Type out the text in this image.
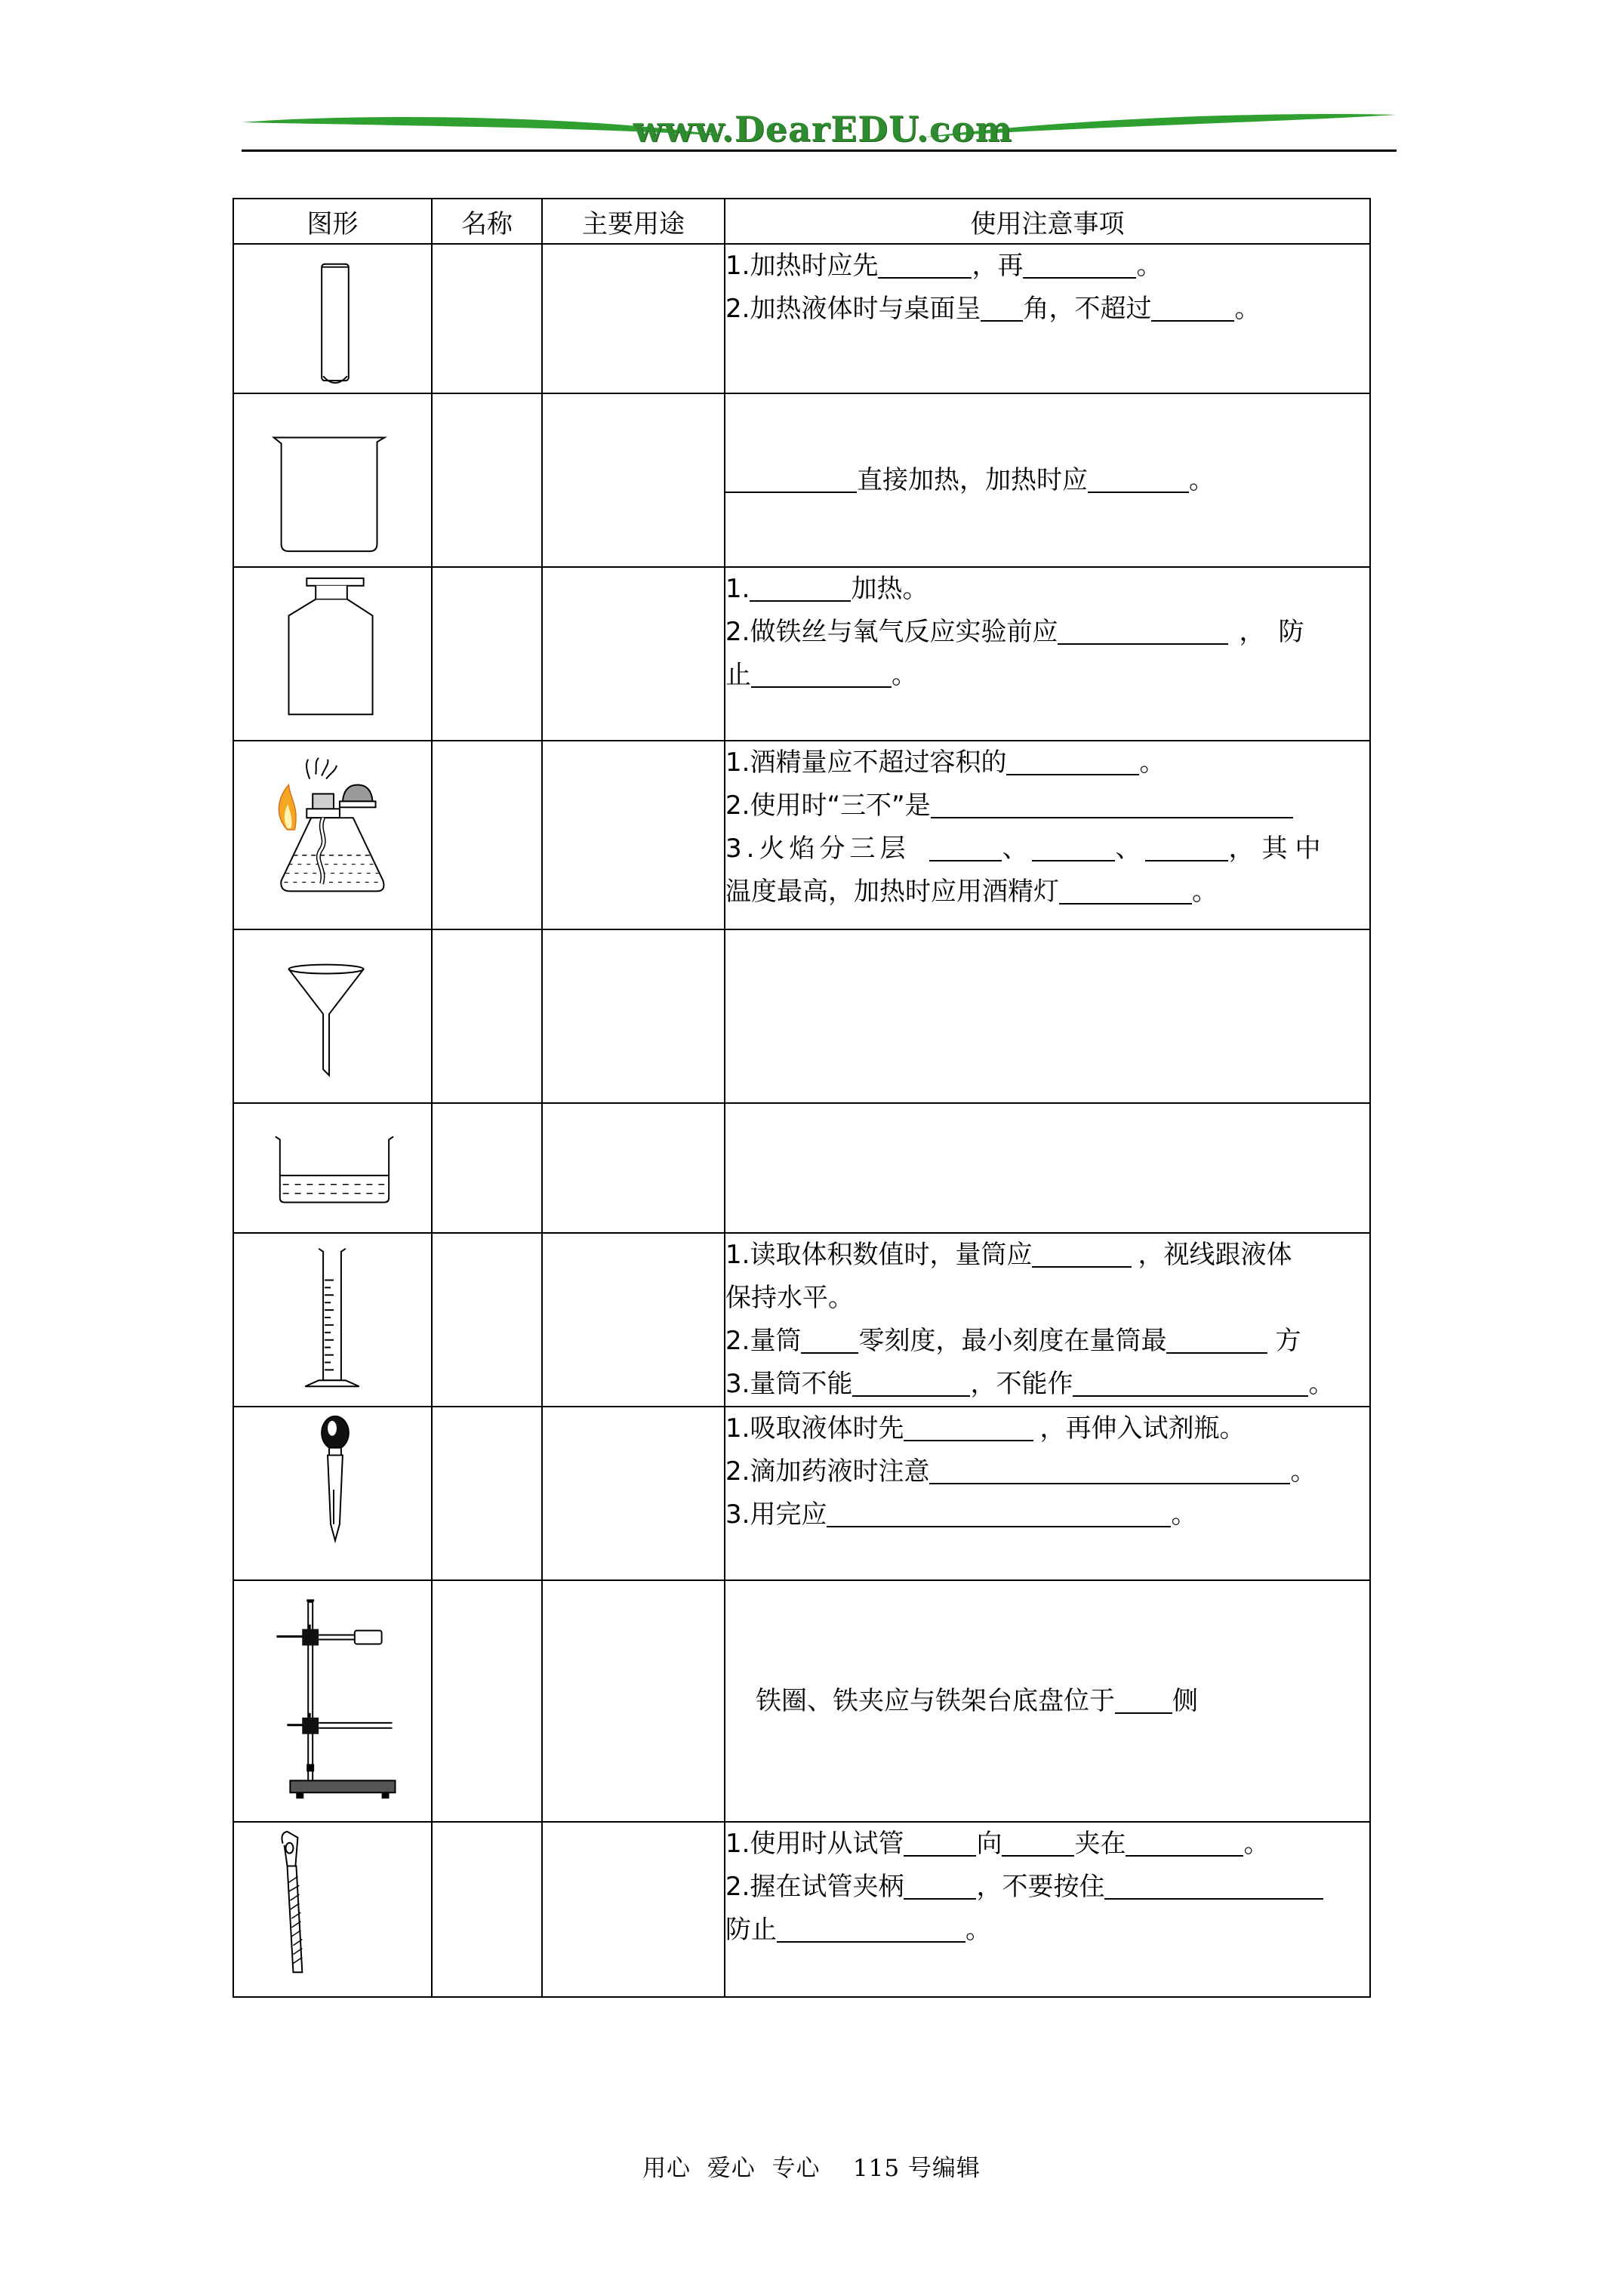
www.DearEDU.com
图形	名称	主要用途	使用注意事项

1.加热时应先 ，再 。
2.加热液体时与桌面呈 角，不超过 。

直接加热，加热时应 。

1. 加热。
2.做铁丝与氧气反应实验前应 ，防
止 。

1.酒精量应不超过容积的 。
2.使用时“三不”是
3.火焰分三层 、 、 ，其中
温度最高，加热时应用酒精灯 。

1.读取体积数值时，量筒应 ，视线跟液体
保持水平。
2.量筒 零刻度，最小刻度在量筒最 方
3.量筒不能 ，不能作 。

1.吸取液体时先 ，再伸入试剂瓶。
2.滴加药液时注意 。
3.用完应 。

铁圈、铁夹应与铁架台底盘位于 侧

1.使用时从试管 向 夹在 。
2.握在试管夹柄 ，不要按住
防止 。
用心  爱心  专心    115 号编辑
